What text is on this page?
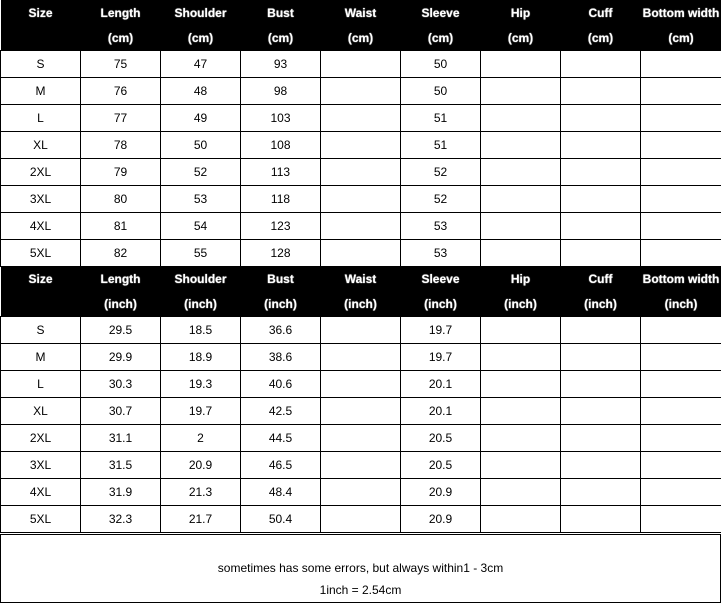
Size	Length	Shoulder	Bust	Waist	Sleeve	Hip	Cuff	Bottom width
	(cm)	(cm)	(cm)	(cm)	(cm)	(cm)	(cm)	(cm)
S	75	47	93		50			
M	76	48	98		50			
L	77	49	103		51			
XL	78	50	108		51			
2XL	79	52	113		52			
3XL	80	53	118		52			
4XL	81	54	123		53			
5XL	82	55	128		53			
Size	Length	Shoulder	Bust	Waist	Sleeve	Hip	Cuff	Bottom width
	(inch)	(inch)	(inch)	(inch)	(inch)	(inch)	(inch)	(inch)
S	29.5	18.5	36.6		19.7			
M	29.9	18.9	38.6		19.7			
L	30.3	19.3	40.6		20.1			
XL	30.7	19.7	42.5		20.1			
2XL	31.1	2	44.5		20.5			
3XL	31.5	20.9	46.5		20.5			
4XL	31.9	21.3	48.4		20.9			
5XL	32.3	21.7	50.4		20.9			
sometimes has some errors, but always within1 - 3cm
1inch = 2.54cm
